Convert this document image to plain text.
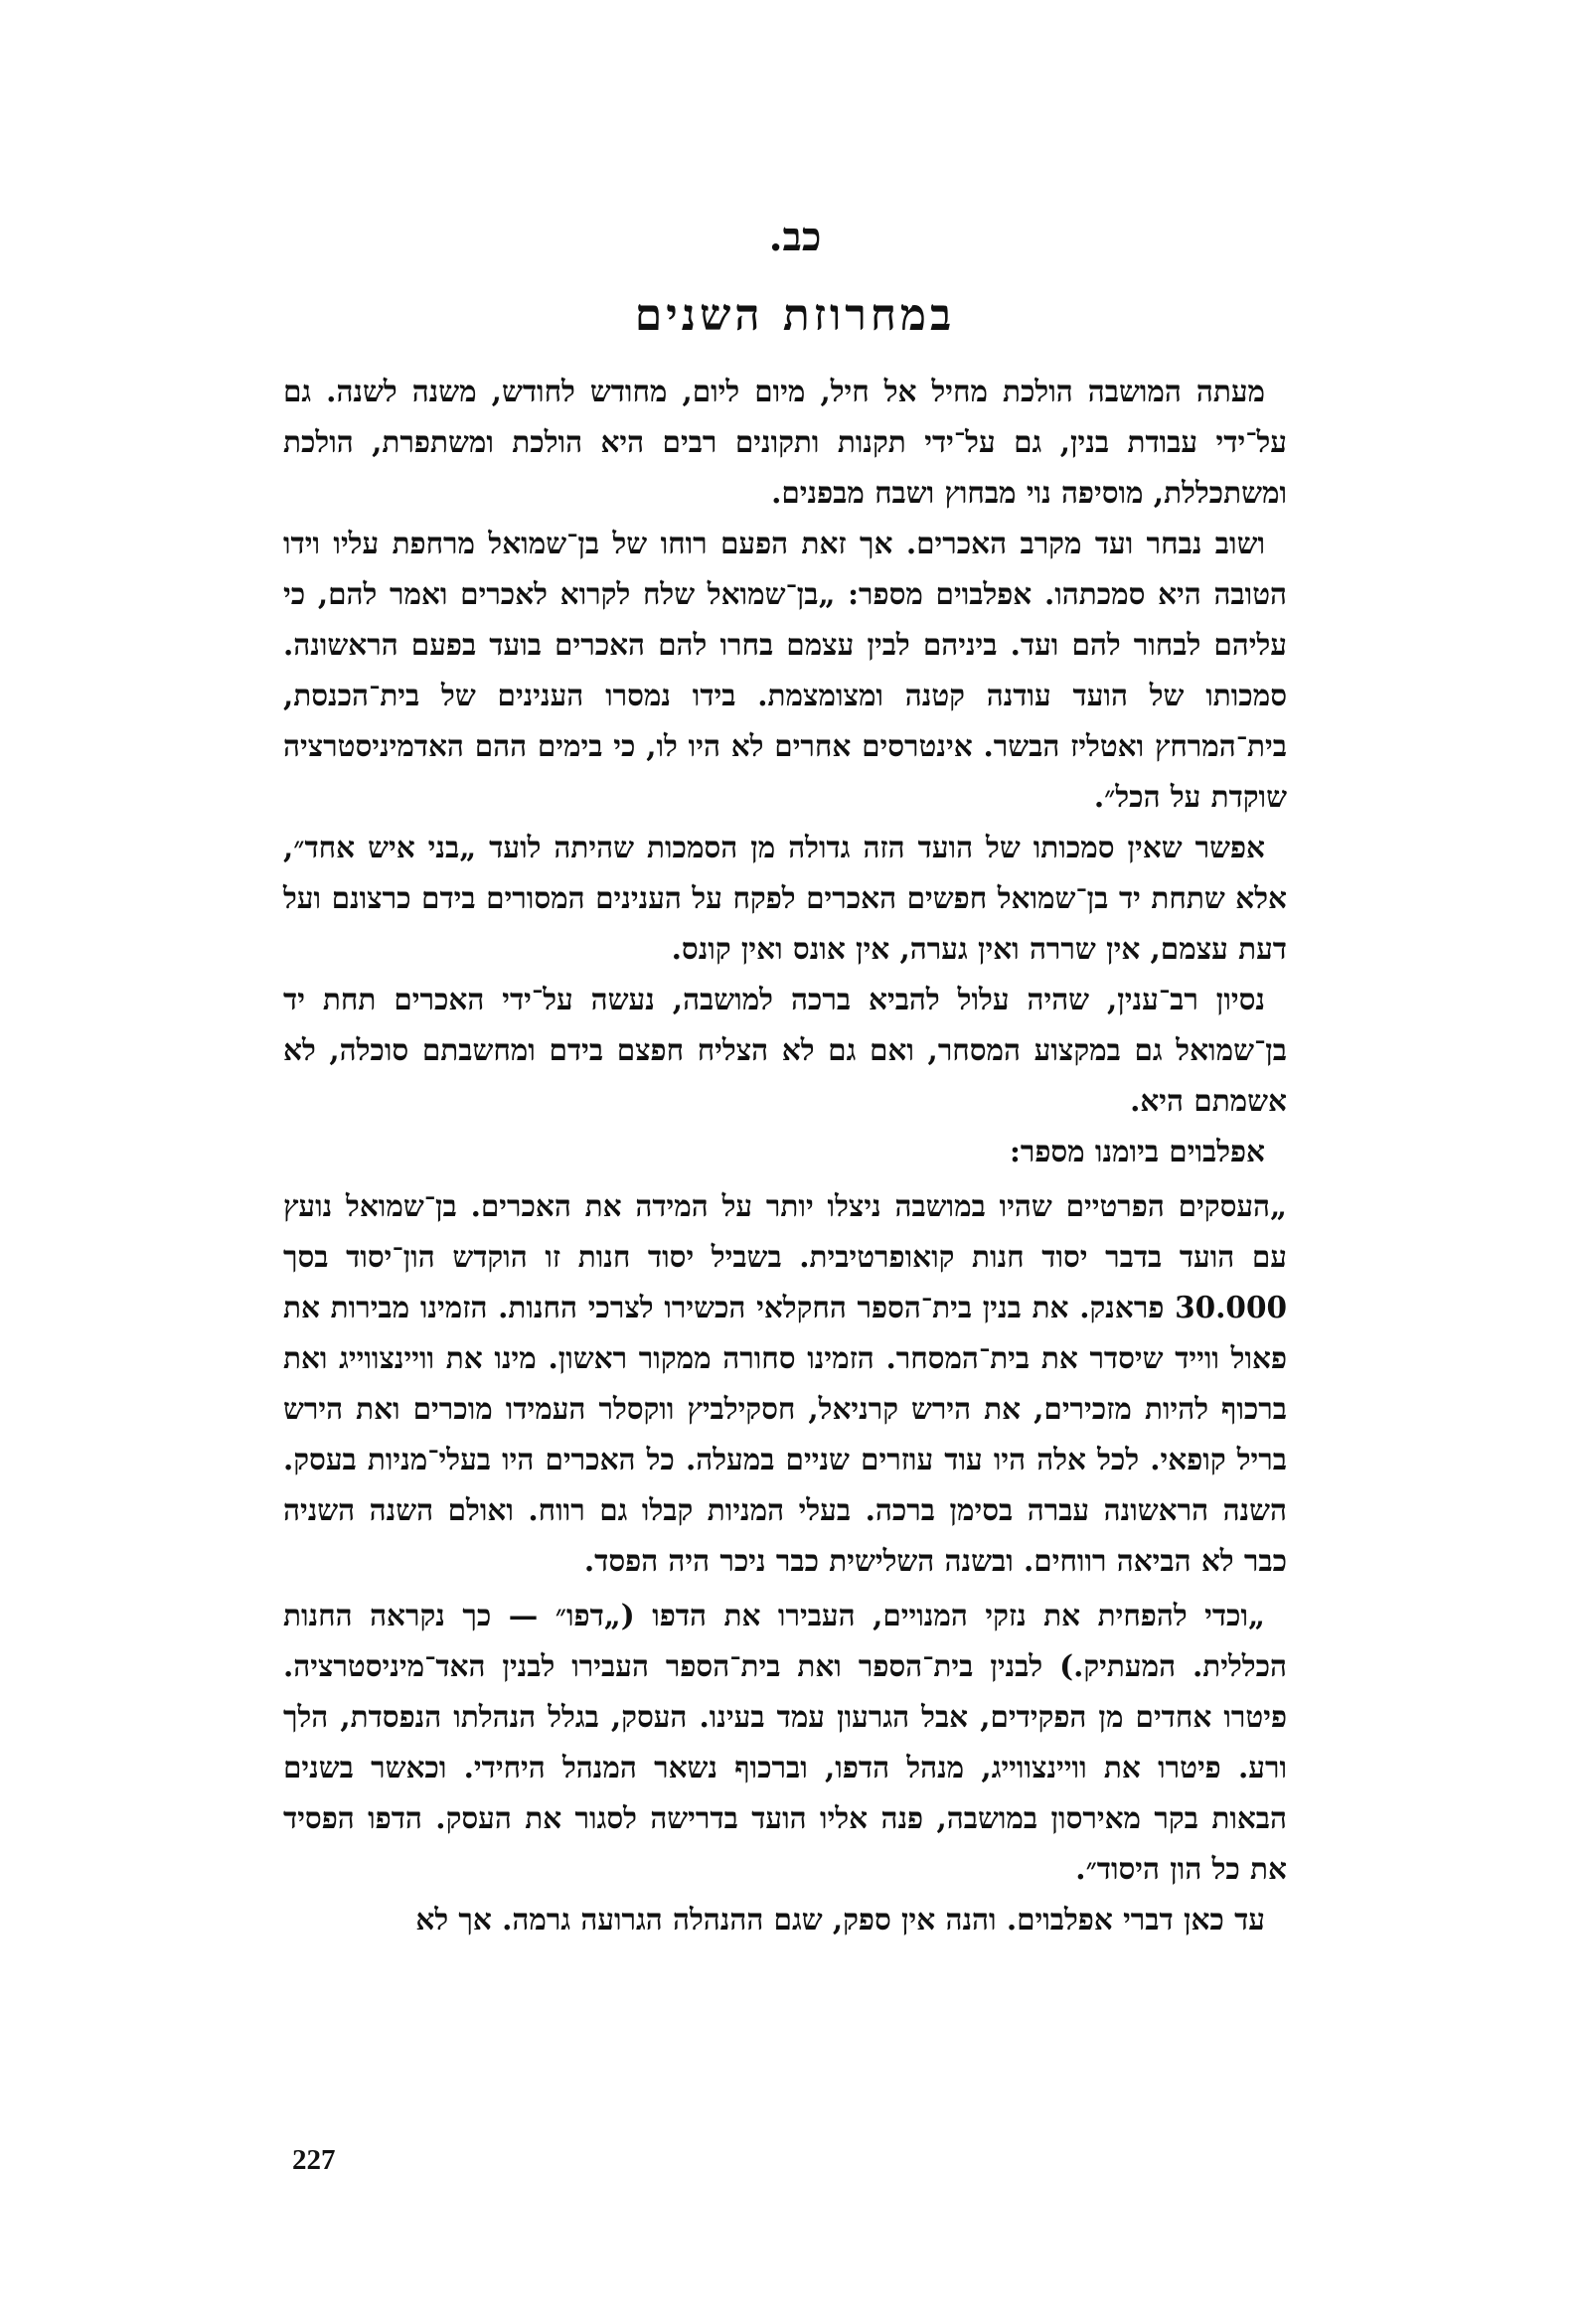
כב.
במחרוזת השנים

מעתה המושבה הולכת מחיל אל חיל, מיום ליום, מחודש לחודש, משנה לשנה. גם על־ידי עבודת בנין, גם על־ידי תקנות ותקונים רבים היא הולכת ומשתפרת, הולכת ומשתכללת, מוסיפה נוי מבחוץ ושבח מבפנים.

ושוב נבחר ועד מקרב האכרים. אך זאת הפעם רוחו של בן־שמואל מרחפת עליו וידו הטובה היא סמכתהו. אפלבוים מספר: „בן־שמואל שלח לקרוא לאכרים ואמר להם, כי עליהם לבחור להם ועד. ביניהם לבין עצמם בחרו להם האכרים בועד בפעם הראשונה. סמכותו של הועד עודנה קטנה ומצומצמת. בידו נמסרו הענינים של בית־הכנסת, בית־המרחץ ואטליז הבשר. אינטרסים אחרים לא היו לו, כי בימים ההם האדמיניסטרציה שוקדת על הכל״.

אפשר שאין סמכותו של הועד הזה גדולה מן הסמכות שהיתה לועד „בני איש אחד״, אלא שתחת יד בן־שמואל חפשים האכרים לפקח על הענינים המסורים בידם כרצונם ועל דעת עצמם, אין שררה ואין גערה, אין אונס ואין קונס.

נסיון רב־ענין, שהיה עלול להביא ברכה למושבה, נעשה על־ידי האכרים תחת יד בן־שמואל גם במקצוע המסחר, ואם גם לא הצליח חפצם בידם ומחשבתם סוכלה, לא אשמתם היא.

אפלבוים ביומנו מספר:

„העסקים הפרטיים שהיו במושבה ניצלו יותר על המידה את האכרים. בן־שמואל נועץ עם הועד בדבר יסוד חנות קואופרטיבית. בשביל יסוד חנות זו הוקדש הון־יסוד בסך 30.000 פראנק. את בנין בית־הספר החקלאי הכשירו לצרכי החנות. הזמינו מבירות את פאול ווייד שיסדר את בית־המסחר. הזמינו סחורה ממקור ראשון. מינו את וויינצווייג ואת ברכוף להיות מזכירים, את הירש קרניאל, חסקילביץ ווקסלר העמידו מוכרים ואת הירש בריל קופאי. לכל אלה היו עוד עוזרים שניים במעלה. כל האכרים היו בעלי־מניות בעסק. השנה הראשונה עברה בסימן ברכה. בעלי המניות קבלו גם רווח. ואולם השנה השניה כבר לא הביאה רווחים. ובשנה השלישית כבר ניכר היה הפסד.

„וכדי להפחית את נזקי המנויים, העבירו את הדפו („דפו״ — כך נקראה החנות הכללית. המעתיק.) לבנין בית־הספר ואת בית־הספר העבירו לבנין האד־מיניסטרציה. פיטרו אחדים מן הפקידים, אבל הגרעון עמד בעינו. העסק, בגלל הנהלתו הנפסדת, הלך ורע. פיטרו את וויינצווייג, מנהל הדפו, וברכוף נשאר המנהל היחידי. וכאשר בשנים הבאות בקר מאירסון במושבה, פנה אליו הועד בדרישה לסגור את העסק. הדפו הפסיד את כל הון היסוד״.

עד כאן דברי אפלבוים. והנה אין ספק, שגם ההנהלה הגרועה גרמה. אך לא

227
